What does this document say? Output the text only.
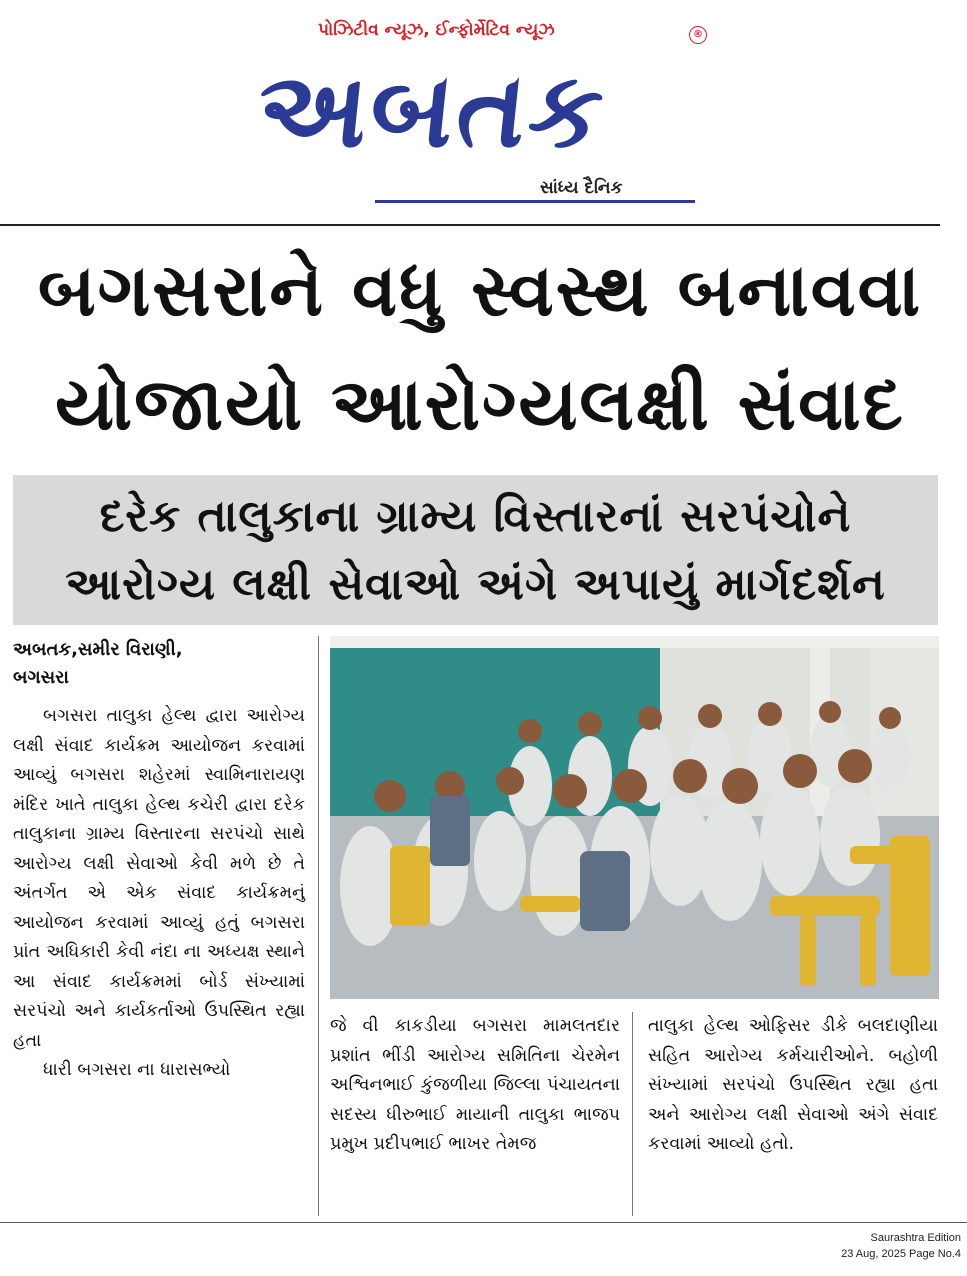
પોઝિટીવ ન્યૂઝ, ઈન્ફોર્મેટિવ ન્યૂઝ	®
અબતક
સાંધ્ય દૈનિક
બગસરાને વધુ સ્વસ્થ બનાવવા
યોજાયો આરોગ્યલક્ષી સંવાદ
દરેક તાલુકાના ગ્રામ્ય વિસ્તારનાં સરપંચોને
આરોગ્ય લક્ષી સેવાઓ અંગે અપાયું માર્ગદર્શન
અબતક,સમીર વિરાણી,
બગસરા

બગસરા તાલુકા હેલ્થ દ્વારા આરોગ્ય લક્ષી સંવાદ કાર્યક્રમ આયોજન કરવામાં આવ્યું બગસરા શહેરમાં સ્વામિનારાયણ મંદિર ખાતે તાલુકા હેલ્થ કચેરી દ્વારા દરેક તાલુકાના ગ્રામ્ય વિસ્તારના સરપંચો સાથે આરોગ્ય લક્ષી સેવાઓ કેવી મળે છે તે અંતર્ગત એ એક સંવાદ કાર્યક્રમનું આયોજન કરવામાં આવ્યું હતું બગસરા પ્રાંત અધિકારી કેવી નંદા ના અધ્યક્ષ સ્થાને આ સંવાદ કાર્યક્રમમાં બોર્ડ સંખ્યામાં સરપંચો અને કાર્યકર્તાઓ ઉપસ્થિત રહ્યા હતા

ધારી બગસરા ના ધારાસભ્યો

જે વી કાકડીયા બગસરા મામલતદાર પ્રશાંત ભીંડી આરોગ્ય સમિતિના ચેરમેન અશ્વિનભાઈ કુંજળીયા જિલ્લા પંચાયતના સદસ્ય ધીરુભાઈ માયાની તાલુકા ભાજપ પ્રમુખ પ્રદીપભાઈ ભાખર તેમજ

તાલુકા હેલ્થ ઓફિસર ડીકે બલદાણીયા સહિત આરોગ્ય કર્મચારીઓને. બહોળી સંખ્યામાં સરપંચો ઉપસ્થિત રહ્યા હતા અને આરોગ્ય લક્ષી સેવાઓ અંગે સંવાદ કરવામાં આવ્યો હતો.

Saurashtra Edition
23 Aug, 2025 Page No.4
